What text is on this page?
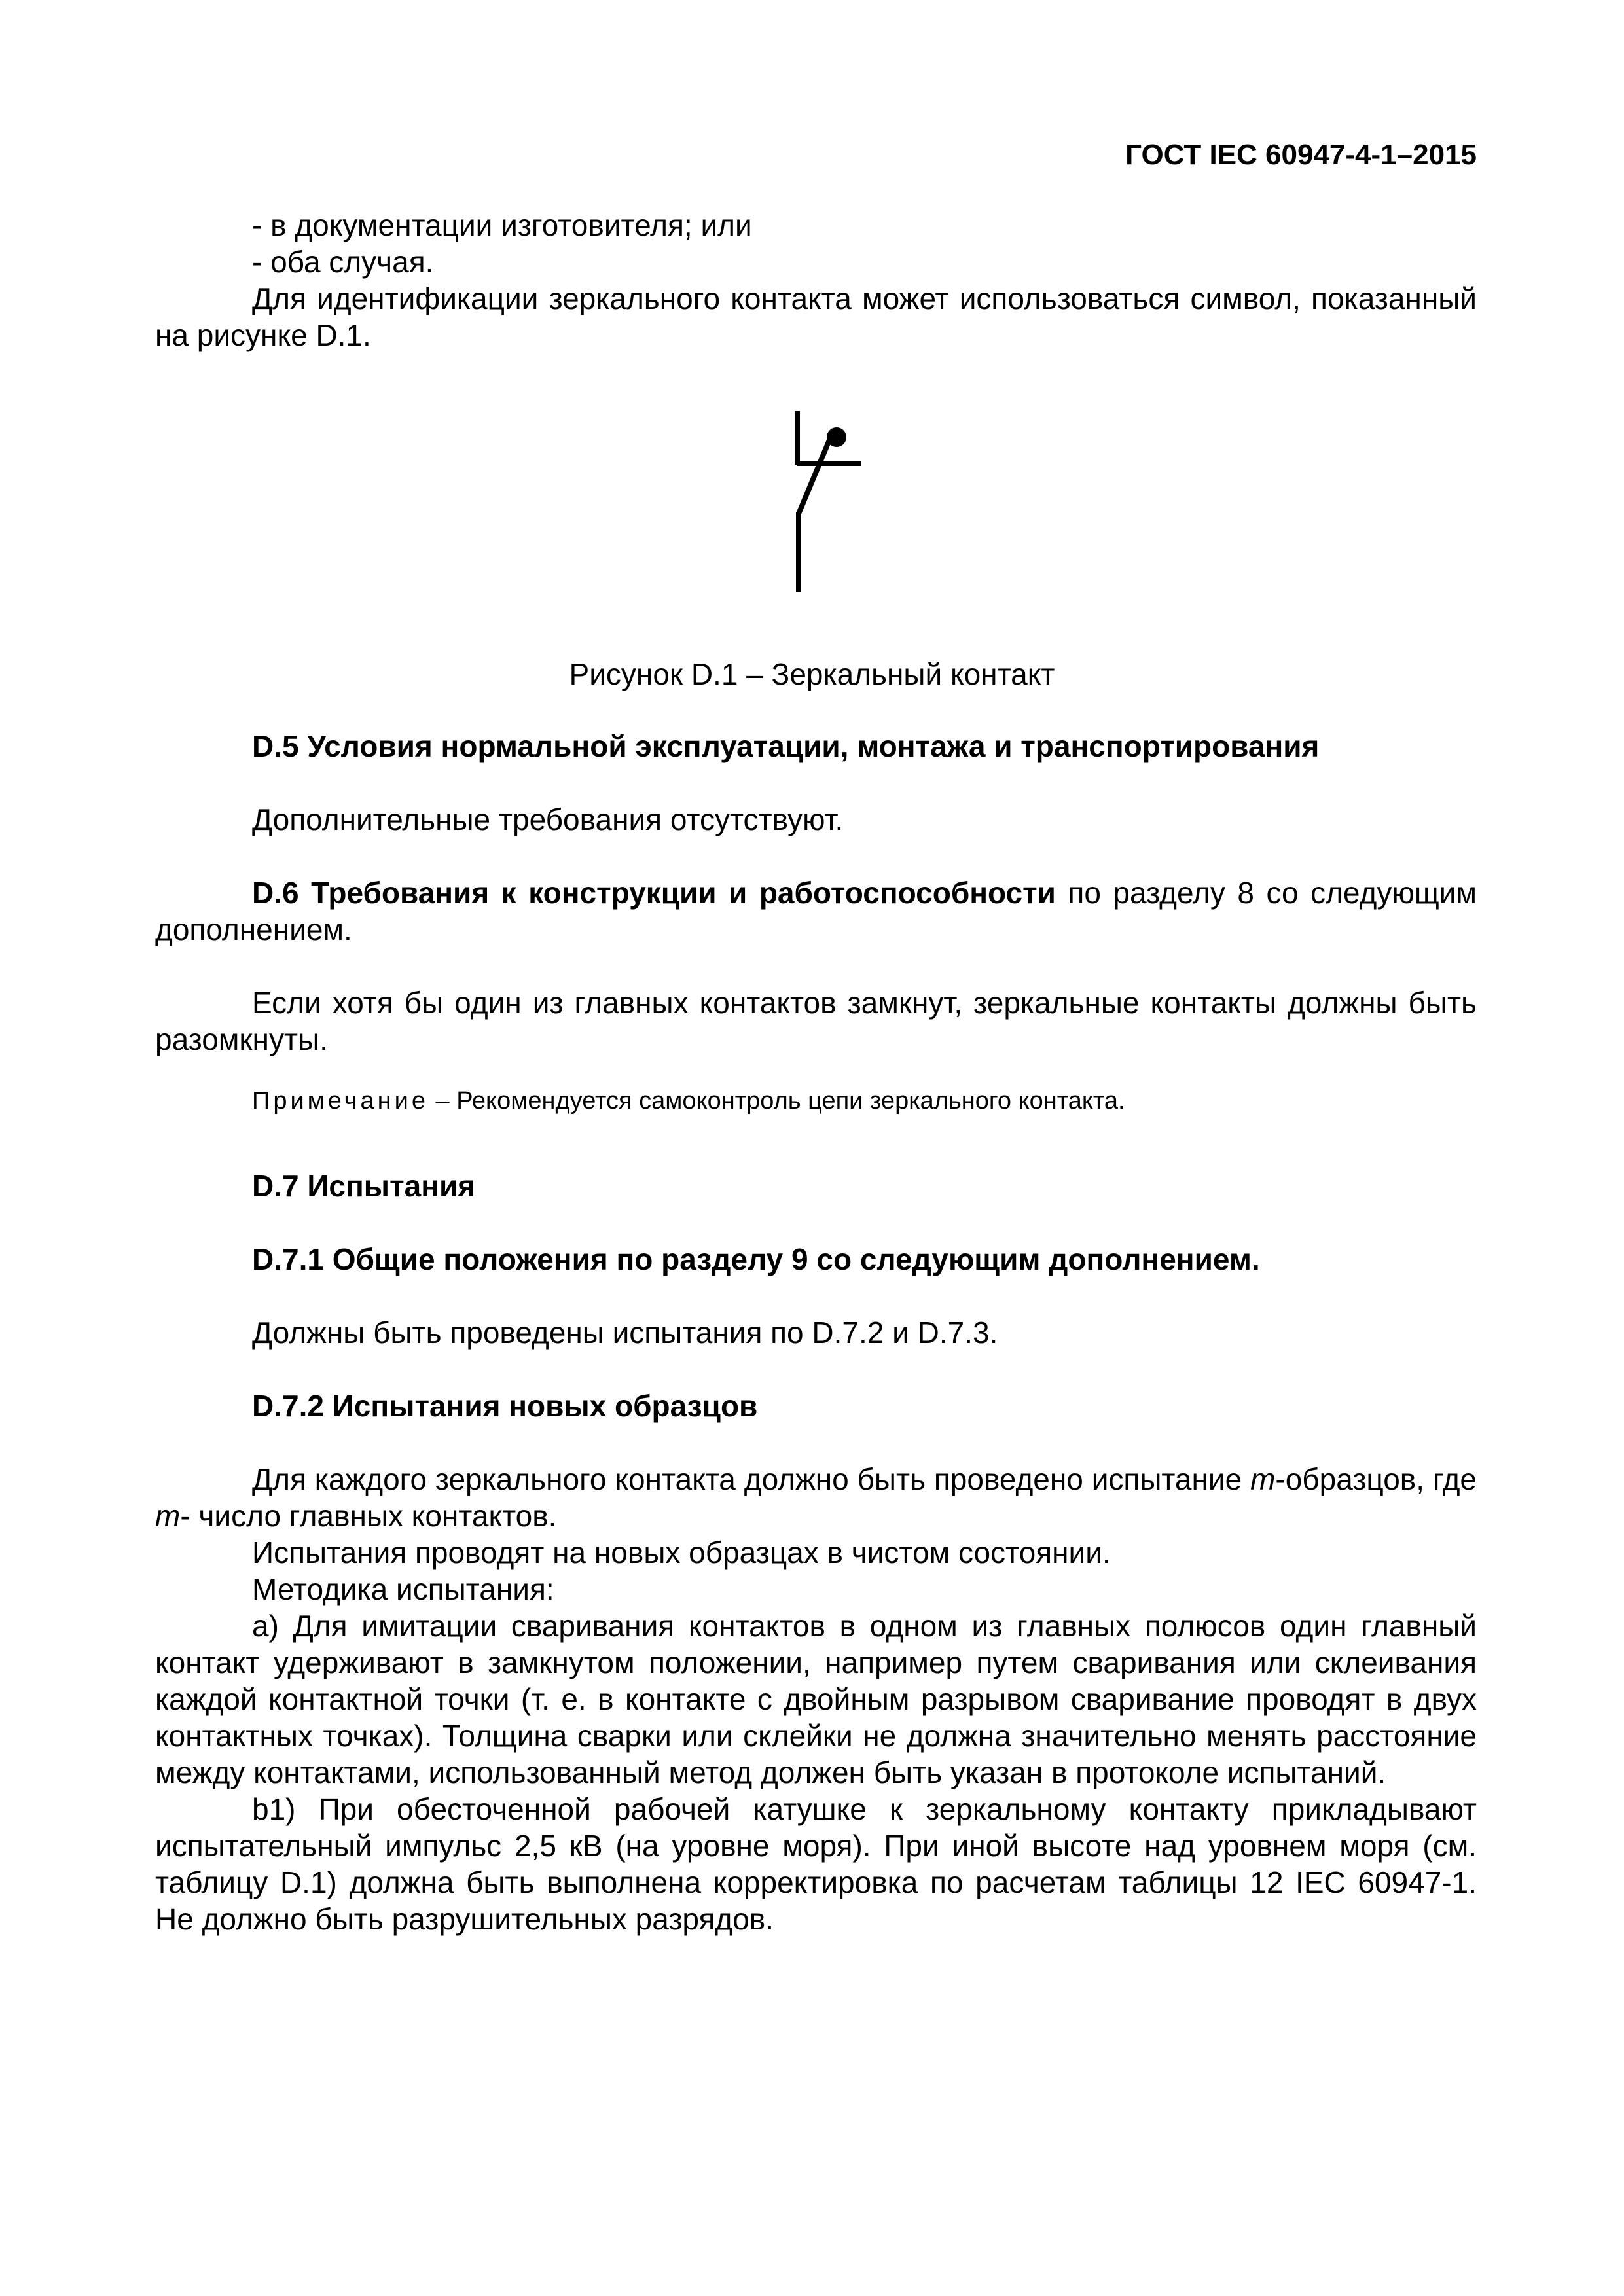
ГОСТ IEC 60947-4-1–2015

- в документации изготовителя; или

- оба случая.

Для идентификации зеркального контакта может использоваться символ, показанный на рисунке D.1.

Рисунок D.1 – Зеркальный контакт

D.5 Условия нормальной эксплуатации, монтажа и транспортирования

Дополнительные требования отсутствуют.

D.6 Требования к конструкции и работоспособности по разделу 8 со следующим дополнением.

Если хотя бы один из главных контактов замкнут, зеркальные контакты должны быть разомкнуты.

Примечание – Рекомендуется самоконтроль цепи зеркального контакта.

D.7 Испытания

D.7.1 Общие положения по разделу 9 со следующим дополнением.

Должны быть проведены испытания по D.7.2 и D.7.3.

D.7.2 Испытания новых образцов

Для каждого зеркального контакта должно быть проведено испытание m-образцов, где m- число главных контактов.

Испытания проводят на новых образцах в чистом состоянии.

Методика испытания:

а) Для имитации сваривания контактов в одном из главных полюсов один главный контакт удерживают в замкнутом положении, например путем сваривания или склеивания каждой контактной точки (т. е. в контакте с двойным разрывом сваривание проводят в двух контактных точках). Толщина сварки или склейки не должна значительно менять расстояние между контактами, использованный метод должен быть указан в протоколе испытаний.

b1) При обесточенной рабочей катушке к зеркальному контакту прикладывают испытательный импульс 2,5 кВ (на уровне моря). При иной высоте над уровнем моря (см. таблицу D.1) должна быть выполнена корректировка по расчетам таблицы 12 IEC 60947-1. Не должно быть разрушительных разрядов.
